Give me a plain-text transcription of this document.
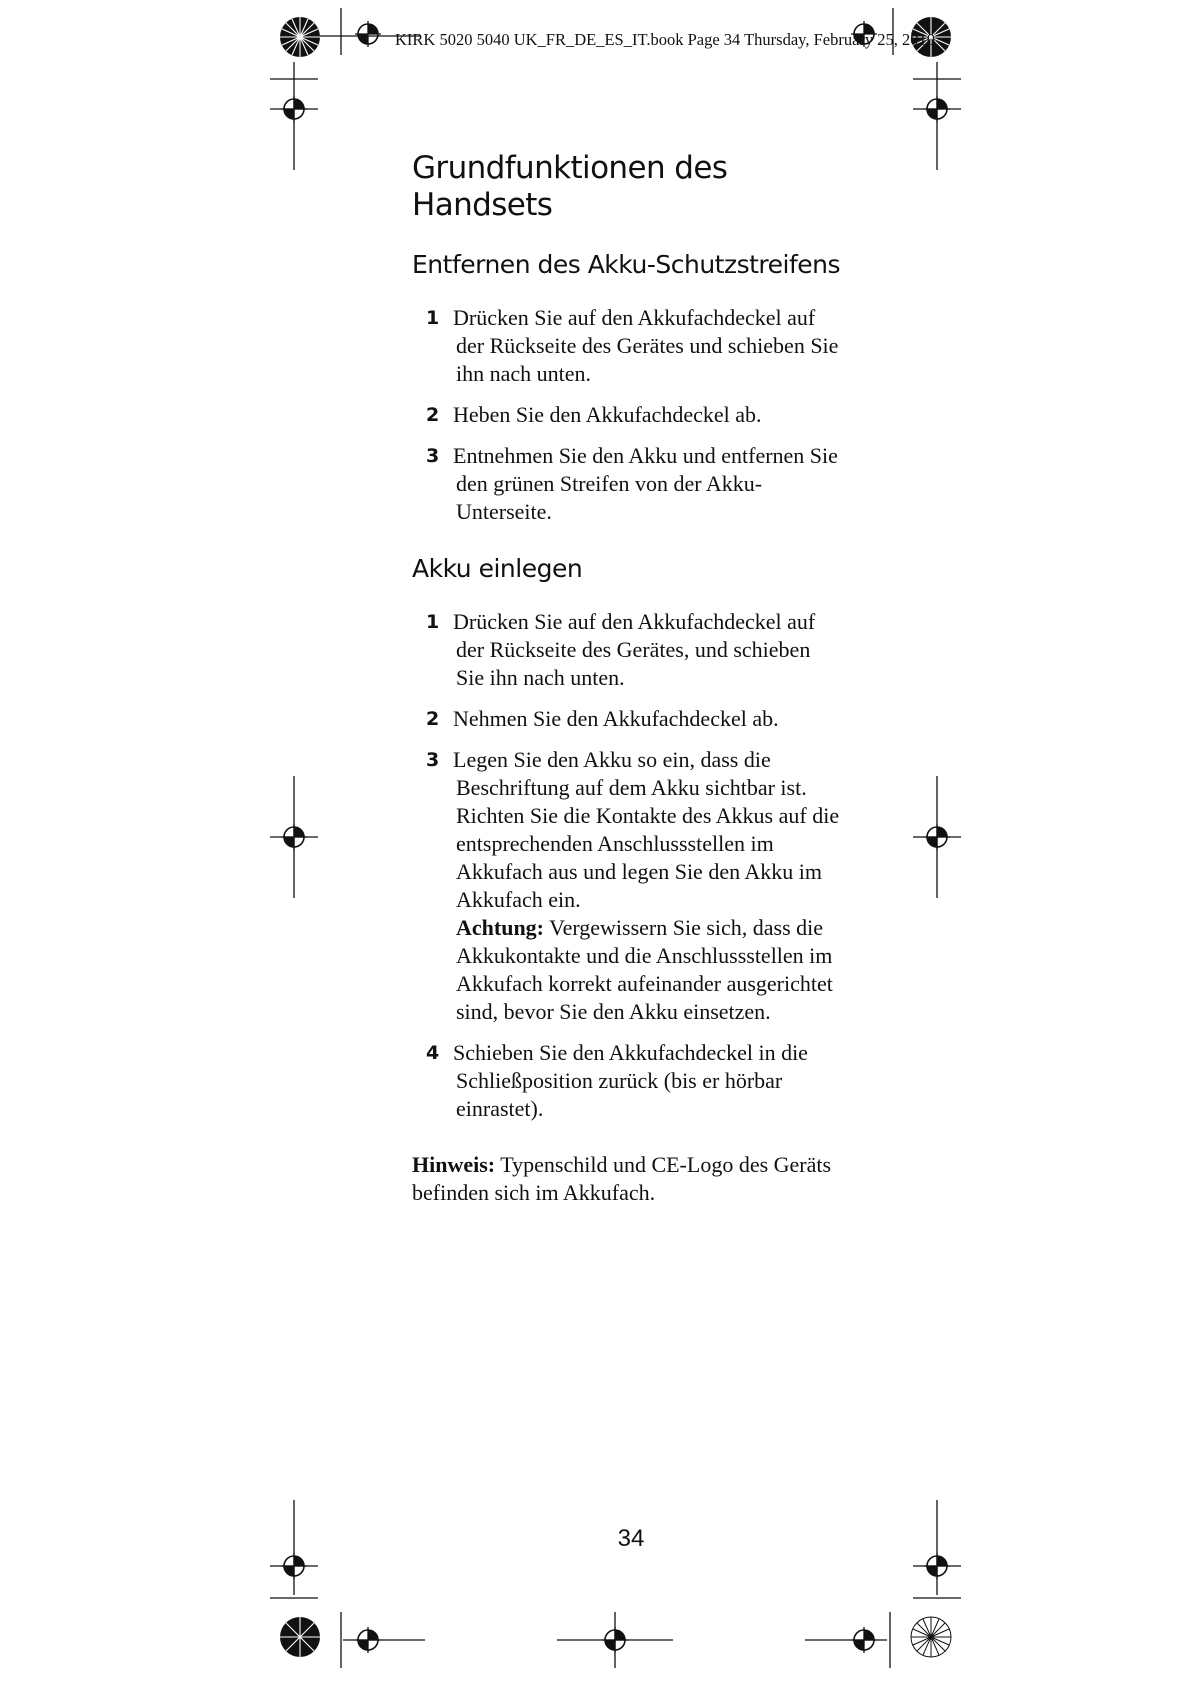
KIRK 5020 5040 UK_FR_DE_ES_IT.book Page 34 Thursday, February 25, 2010
Grundfunktionen des Handsets
Entfernen des Akku-Schutzstreifens
1 Drücken Sie auf den Akkufachdeckel auf der Rückseite des Gerätes und schieben Sie ihn nach unten.
2 Heben Sie den Akkufachdeckel ab.
3 Entnehmen Sie den Akku und entfernen Sie den grünen Streifen von der Akku-Unterseite.
Akku einlegen
1 Drücken Sie auf den Akkufachdeckel auf der Rückseite des Gerätes, und schieben Sie ihn nach unten.
2 Nehmen Sie den Akkufachdeckel ab.
3 Legen Sie den Akku so ein, dass die Beschriftung auf dem Akku sichtbar ist. Richten Sie die Kontakte des Akkus auf die entsprechenden Anschlussstellen im Akkufach aus und legen Sie den Akku im Akkufach ein.
Achtung: Vergewissern Sie sich, dass die Akkukontakte und die Anschlussstellen im Akkufach korrekt aufeinander ausgerichtet sind, bevor Sie den Akku einsetzen.
4 Schieben Sie den Akkufachdeckel in die Schließposition zurück (bis er hörbar einrastet).

Hinweis: Typenschild und CE-Logo des Geräts befinden sich im Akkufach.

34
